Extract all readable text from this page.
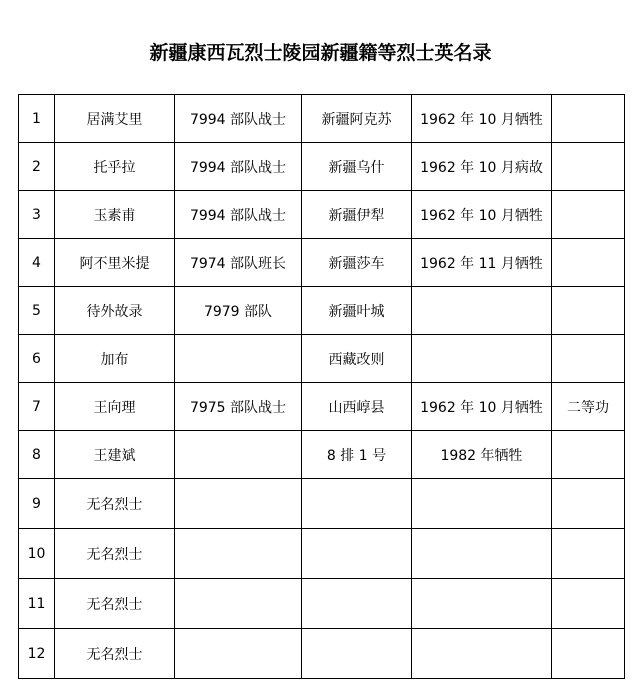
新疆康西瓦烈士陵园新疆籍等烈士英名录
1	居满艾里	7994 部队战士	新疆阿克苏	1962 年 10 月牺牲	
2	托乎拉	7994 部队战士	新疆乌什	1962 年 10 月病故	
3	玉素甫	7994 部队战士	新疆伊犁	1962 年 10 月牺牲	
4	阿不里米提	7974 部队班长	新疆莎车	1962 年 11 月牺牲	
5	待外故录	7979 部队	新疆叶城		
6	加布		西藏改则		
7	王向理	7975 部队战士	山西崞县	1962 年 10 月牺牲	二等功
8	王建斌		8 排 1 号	1982 年牺牲	
9	无名烈士				
10	无名烈士				
11	无名烈士				
12	无名烈士				
